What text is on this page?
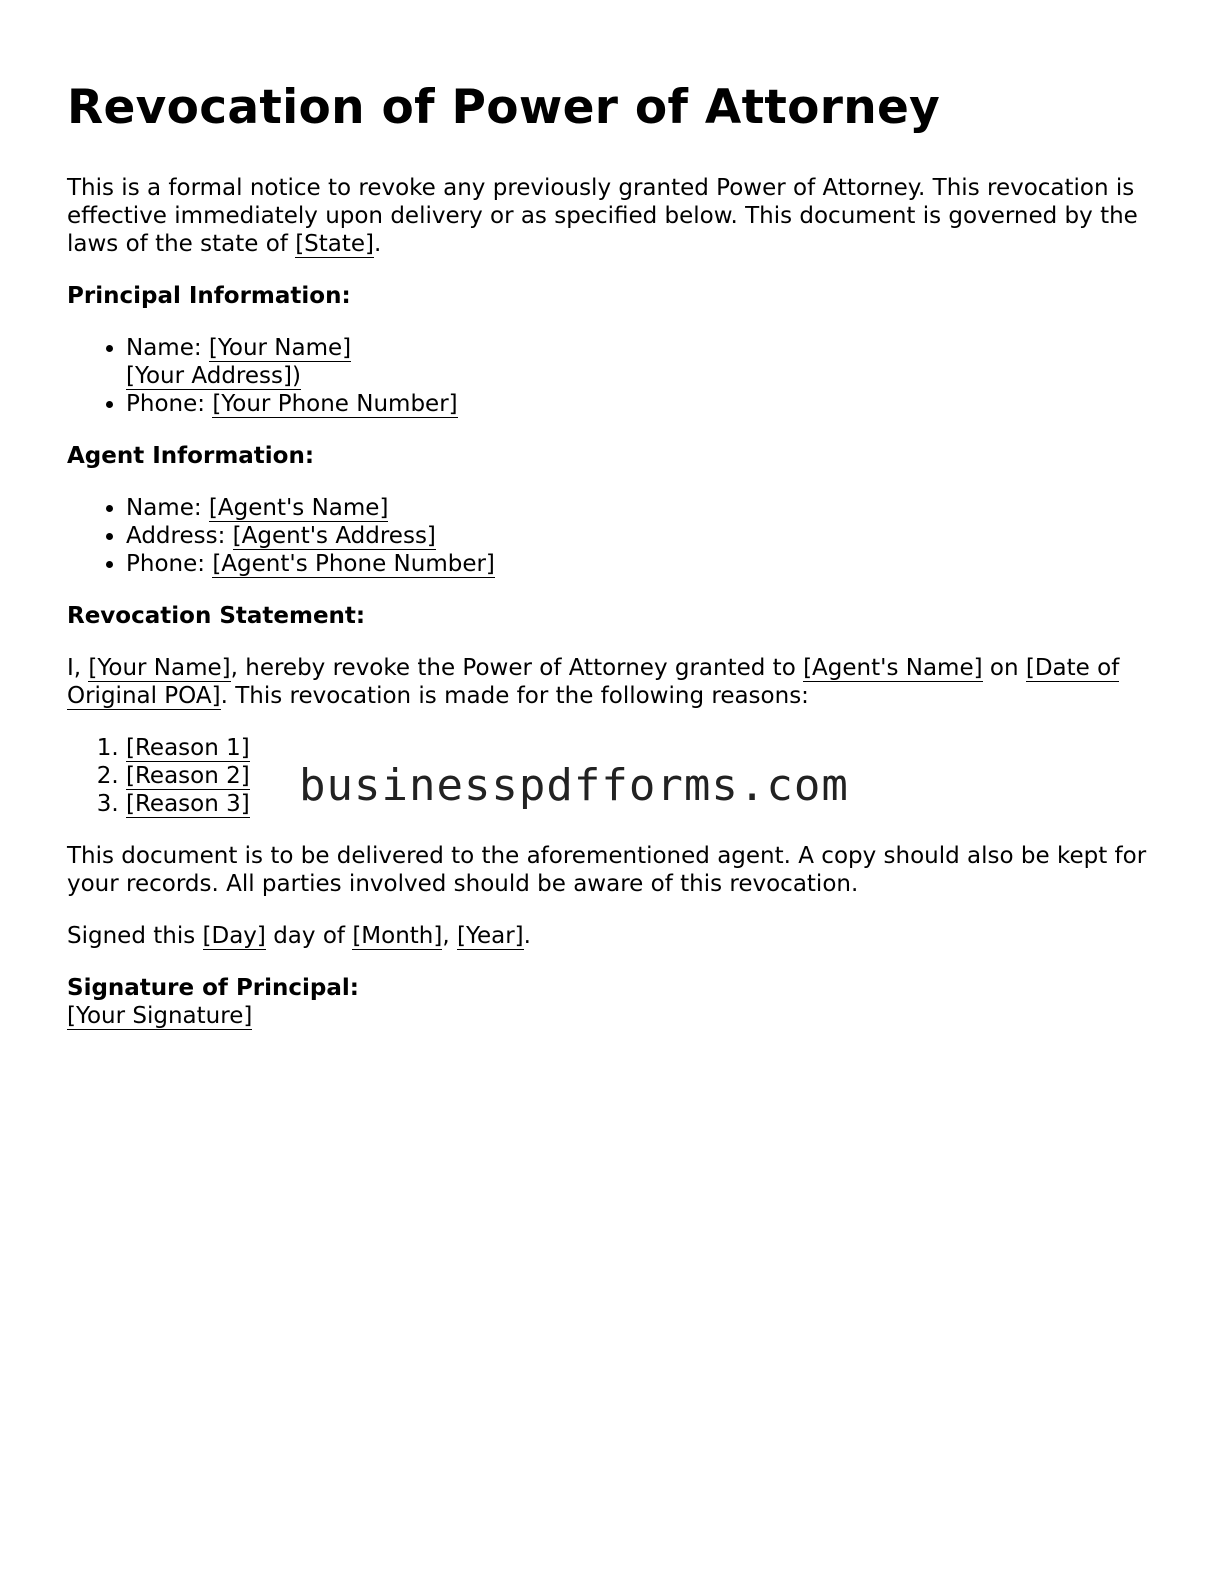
Revocation of Power of Attorney

This is a formal notice to revoke any previously granted Power of Attorney. This revocation is effective immediately upon delivery or as specified below. This document is governed by the laws of the state of [State].

Principal Information:
• Name: [Your Name]
[Your Address])
• Phone: [Your Phone Number]
Agent Information:
• Name: [Agent's Name]
• Address: [Agent's Address]
• Phone: [Agent's Phone Number]
Revocation Statement:

I, [Your Name], hereby revoke the Power of Attorney granted to [Agent's Name] on [Date of Original POA]. This revocation is made for the following reasons:

1. [Reason 1]
2. [Reason 2]
3. [Reason 3]

This document is to be delivered to the aforementioned agent. A copy should also be kept for your records. All parties involved should be aware of this revocation.

Signed this [Day] day of [Month], [Year].

Signature of Principal:
[Your Signature]
businesspdfforms.com
